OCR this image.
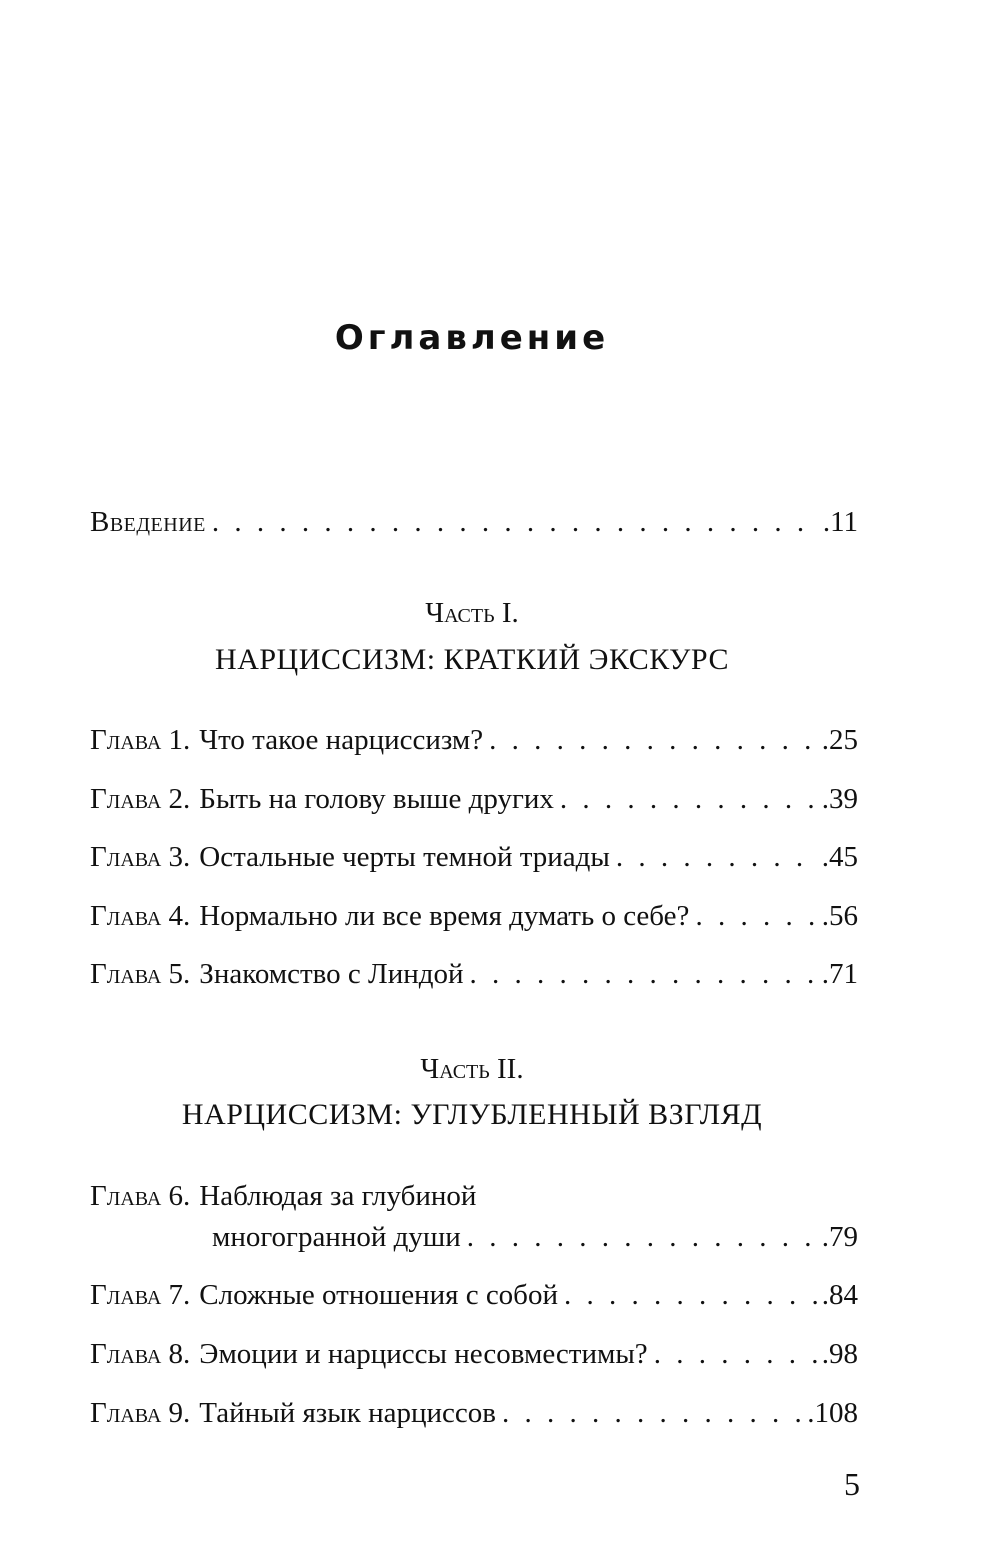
Оглавление
Введение . . .	.11
Часть I.
НАРЦИССИЗМ: КРАТКИЙ ЭКСКУРС
Глава 1. Что такое нарциссизм? . . .	.25
Глава 2. Быть на голову выше других . . .	.39
Глава 3. Остальные черты темной триады . . .	.45
Глава 4. Нормально ли все время думать о себе? . . .	.56
Глава 5. Знакомство с Линдой . . .	.71
Часть II.
НАРЦИССИЗМ: УГЛУБЛЕННЫЙ ВЗГЛЯД
Глава 6. Наблюдая за глубиной
многогранной души . . .	.79
Глава 7. Сложные отношения с собой . . .	.84
Глава 8. Эмоции и нарциссы несовместимы? . . .	.98
Глава 9. Тайный язык нарциссов . . .	.108
5
